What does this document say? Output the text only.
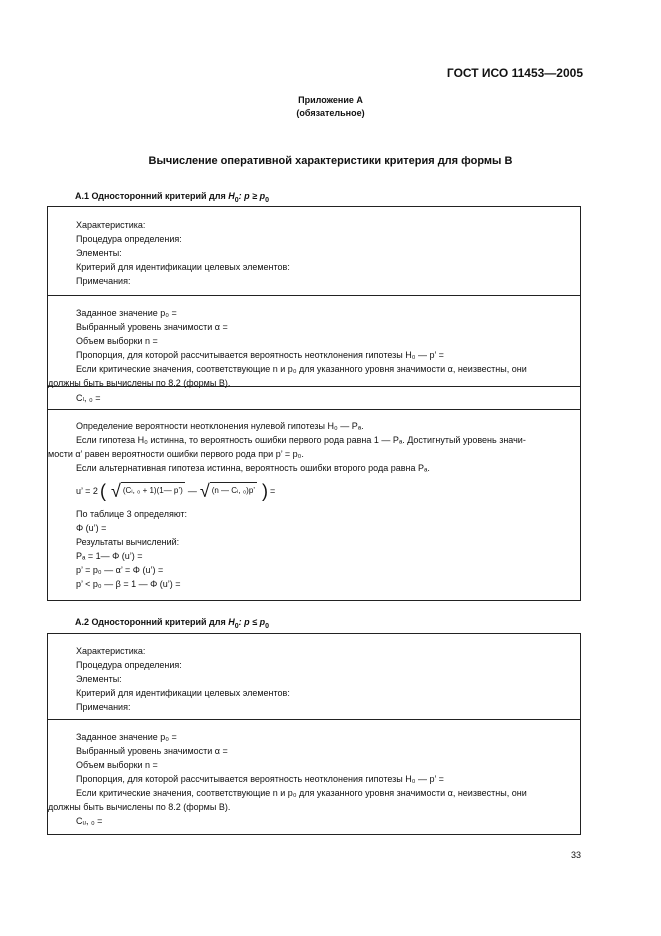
ГОСТ ИСО 11453—2005
Приложение А
(обязательное)
Вычисление оперативной характеристики критерия для формы В
А.1 Односторонний критерий для $H_0$: $p \ge p_0$
Характеристика:
Процедура определения:
Элементы:
Критерий для идентификации целевых элементов:
Примечания:
Заданное значение p₀ =
Выбранный уровень значимости α =
Объем выборки n =
Пропорция, для которой рассчитывается вероятность неотклонения гипотезы H₀ — p’ =
Если критические значения, соответствующие n и p₀ для указанного уровня значимости α, неизвестны, они
должны быть вычислены по 8.2 (формы В).
Cₗ, ₀ =
Определение вероятности неотклонения нулевой гипотезы H₀ — Pₐ.
Если гипотеза H₀ истинна, то вероятность ошибки первого рода равна 1 — Pₐ. Достигнутый уровень значи-
мости α’ равен вероятности ошибки первого рода при p’ = p₀.
Если альтернативная гипотеза истинна, вероятность ошибки второго рода равна Pₐ.
u’ = 2 ( √ (Cₗ, ₀ + 1)(1— p’) — √ (n — Cₗ, ₀)p’ ) =
По таблице 3 определяют:
Φ (u’) =
Результаты вычислений:
Pₐ = 1— Φ (u’) =
p’ = p₀ — α’ = Φ (u’) =
p’ < p₀ — β = 1 — Φ (u’) =
А.2 Односторонний критерий для $H_0$: $p \le p_0$
Характеристика:
Процедура определения:
Элементы:
Критерий для идентификации целевых элементов:
Примечания:
Заданное значение p₀ =
Выбранный уровень значимости α =
Объем выборки n =
Пропорция, для которой рассчитывается вероятность неотклонения гипотезы H₀ — p’ =
Если критические значения, соответствующие n и p₀ для указанного уровня значимости α, неизвестны, они
должны быть вычислены по 8.2 (формы В).
Cᵤ, ₀ =
33
